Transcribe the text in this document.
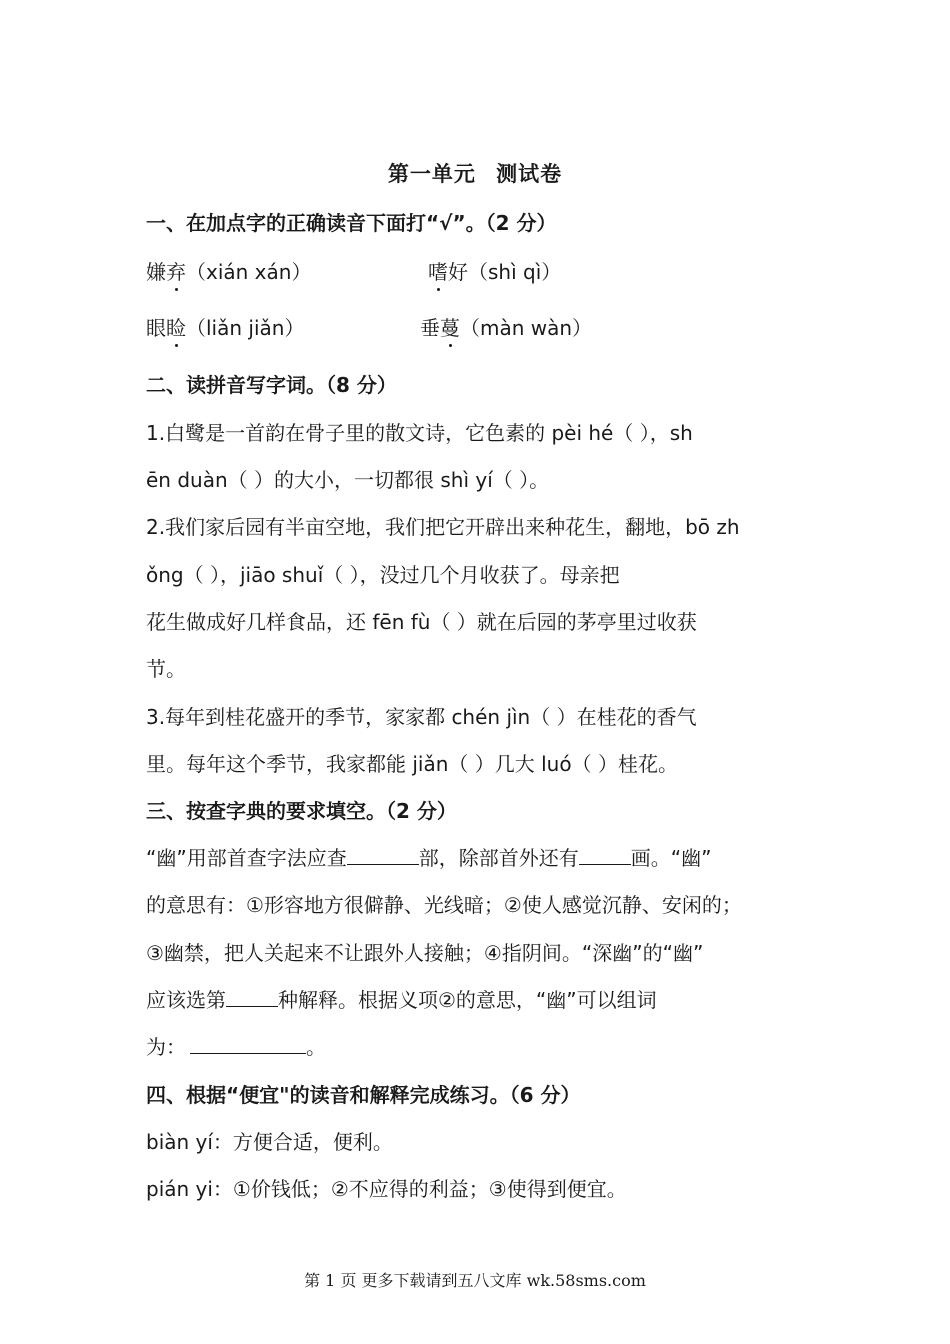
第一单元 测试卷
一、在加点字的正确读音下面打“√”。（2 分）
嫌弃（xián xán）	嗜好（shì qì）
眼睑（liǎn jiǎn）	垂蔓（màn wàn）
二、读拼音写字词。（8 分）
1.白鹭是一首韵在骨子里的散文诗，它色素的 pèi hé（ ），sh
ēn duàn（ ）的大小，一切都很 shì yí（ ）。
2.我们家后园有半亩空地，我们把它开辟出来种花生，翻地，bō zh
ǒng（ ），jiāo shuǐ（ ），没过几个月收获了。母亲把
花生做成好几样食品，还 fēn fù（ ）就在后园的茅亭里过收获
节。
3.每年到桂花盛开的季节，家家都 chén jìn（ ）在桂花的香气
里。每年这个季节，我家都能 jiǎn（ ）几大 luó（ ）桂花。
三、按查字典的要求填空。（2 分）
“幽”用部首查字法应查	部，除部首外还有	画。“幽”
的意思有：①形容地方很僻静、光线暗；②使人感觉沉静、安闲的；
③幽禁，把人关起来不让跟外人接触；④指阴间。“深幽”的“幽”
应该选第	种解释。根据义项②的意思，“幽”可以组词
为：	。
四、根据“便宜"的读音和解释完成练习。（6 分）
biàn yí：方便合适，便利。
pián yi：①价钱低；②不应得的利益；③使得到便宜。
第 1 页 更多下载请到五八文库 wk.58sms.com
